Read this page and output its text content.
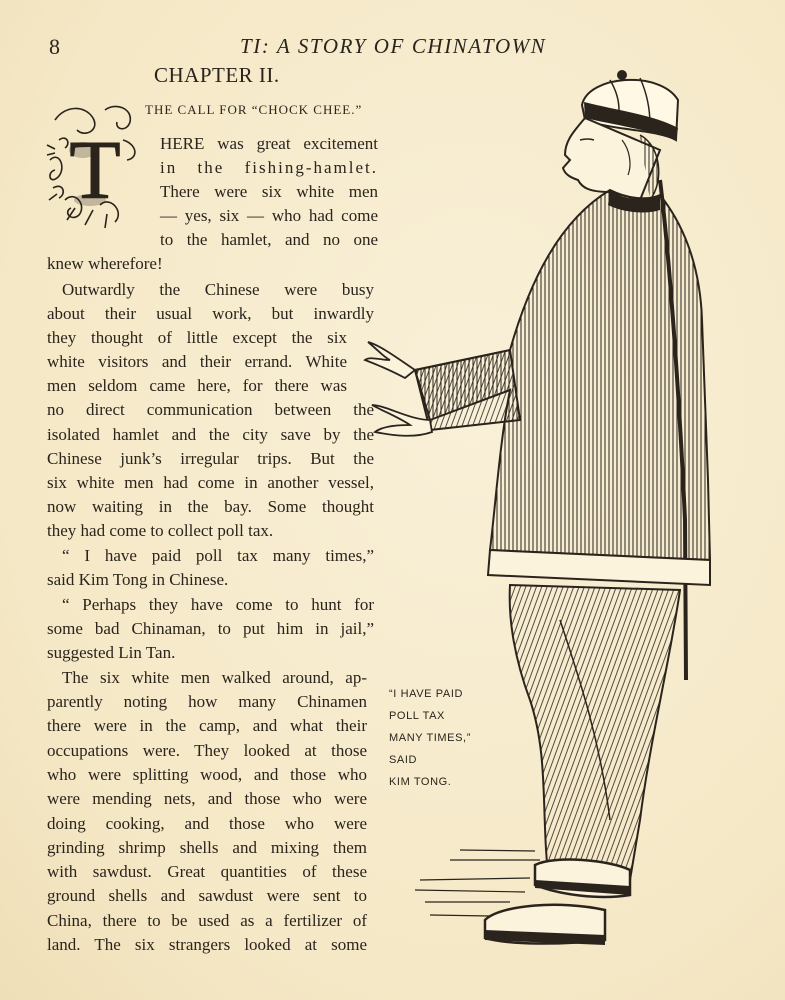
8	TI: A STORY OF CHINATOWN
CHAPTER II.
THE CALL FOR “CHOCK CHEE.”
T HERE was great excitement
in the fishing-hamlet.
There were six white men
— yes, six — who had come
to the hamlet, and no one
knew wherefore!
Outwardly the Chinese were busy
about their usual work, but inwardly
they thought of little except the six
white visitors and their errand. White
men seldom came here, for there was
no direct communication between the
isolated hamlet and the city save by the
Chinese junk’s irregular trips. But the
six white men had come in another vessel,
now waiting in the bay. Some thought
they had come to collect poll tax.
“ I have paid poll tax many times,”
said Kim Tong in Chinese.
“ Perhaps they have come to hunt for
some bad Chinaman, to put him in jail,”
suggested Lin Tan.
The six white men walked around, ap-
parently noting how many Chinamen
there were in the camp, and what their
occupations were. They looked at those
who were splitting wood, and those who
were mending nets, and those who were
doing cooking, and those who were
grinding shrimp shells and mixing them
with sawdust. Great quantities of these
ground shells and sawdust were sent to
China, there to be used as a fertilizer of
land. The six strangers looked at some
“I HAVE PAID
POLL TAX
MANY TIMES,”
SAID
KIM TONG.
